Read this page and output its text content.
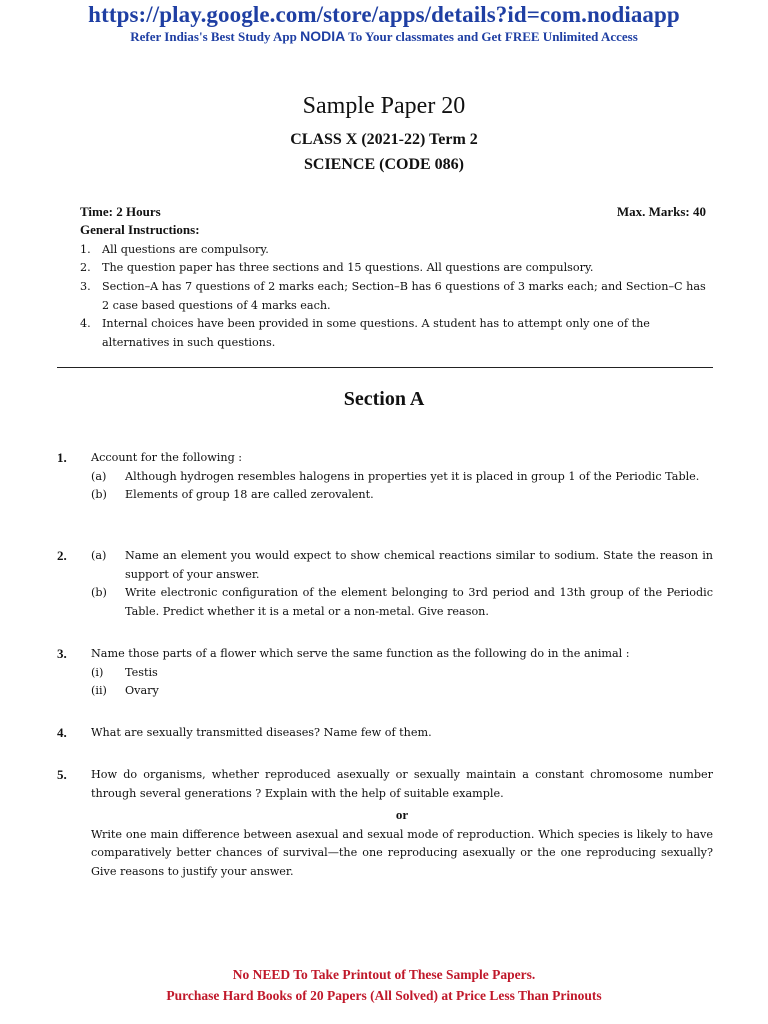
https://play.google.com/store/apps/details?id=com.nodiaapp
Refer Indias's Best Study App NODIA To Your classmates and Get FREE Unlimited Access
Sample Paper 20
CLASS X (2021-22) Term 2
SCIENCE (CODE 086)
Time: 2 Hours	Max. Marks: 40
General Instructions:
1. All questions are compulsory.
2. The question paper has three sections and 15 questions. All questions are compulsory.
3. Section–A has 7 questions of 2 marks each; Section–B has 6 questions of 3 marks each; and Section–C has 2 case based questions of 4 marks each.
4. Internal choices have been provided in some questions. A student has to attempt only one of the alternatives in such questions.
Section A
1. Account for the following :
(a) Although hydrogen resembles halogens in properties yet it is placed in group 1 of the Periodic Table.
(b) Elements of group 18 are called zerovalent.
2. (a) Name an element you would expect to show chemical reactions similar to sodium. State the reason in support of your answer.
(b) Write electronic configuration of the element belonging to 3rd period and 13th group of the Periodic Table. Predict whether it is a metal or a non-metal. Give reason.
3. Name those parts of a flower which serve the same function as the following do in the animal :
(i) Testis
(ii) Ovary
4. What are sexually transmitted diseases? Name few of them.
5. How do organisms, whether reproduced asexually or sexually maintain a constant chromosome number through several generations ? Explain with the help of suitable example.
or
Write one main difference between asexual and sexual mode of reproduction. Which species is likely to have comparatively better chances of survival—the one reproducing asexually or the one reproducing sexually? Give reasons to justify your answer.
No NEED To Take Printout of These Sample Papers.
Purchase Hard Books of 20 Papers (All Solved) at Price Less Than Prinouts
